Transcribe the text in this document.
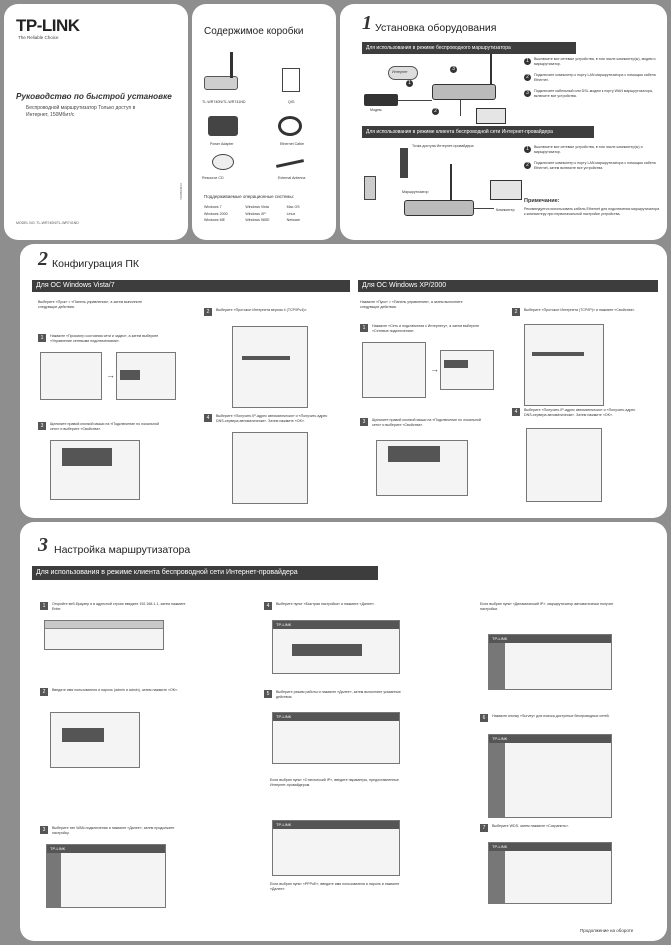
TP-LINK
The Reliable Choice
Руководство по быстрой установке
Беспроводной маршрутизатор Только доступ в Интернет, 150Мбит/с
MODEL NO. TL-WR740N/TL-WR741ND
7106503814
Содержимое коробки
TL-WR740N/TL-WR741ND	QIG
Power Adapter	Ethernet Cable
Resource CD	External Antenna
Поддерживаемые операционные системы:
Windows 7	Windows Vista	Mac OS
Windows 2000	Windows XP	Linux
Windows ME	Windows 98SE	Netware
1 Установка оборудования
Для использования в режиме беспроводного маршрутизатора
Интернет
Модем
1
2
3
1	Выключите все сетевые устройства, в том числе компьютер(ы), модем и маршрутизатор.
2	Подключите компьютер к порту LAN маршрутизатора с помощью кабеля Ethernet.
3	Подключите кабельный или DSL-модем к порту WAN маршрутизатора, включите все устройства.
Для использования в режиме клиента беспроводной сети Интернет-провайдера
Точка доступа Интернет-провайдера
Маршрутизатор
Компьютер
1	Выключите все сетевые устройства, в том числе компьютер(ы) и маршрутизатор.
2	Подключите компьютер к порту LAN маршрутизатора с помощью кабеля Ethernet, затем включите все устройства.
Примечание:
Рекомендуется использовать кабель Ethernet для подключения маршрутизатора к компьютеру при первоначальной настройке устройства.
2 Конфигурация ПК
Для ОС Windows Vista/7	Для ОС Windows XP/2000
Выберите «Пуск» > «Панель управления», а затем выполните следующие действия.
1	Нажмите «Просмотр состояния сети и задач», а затем выберите «Управление сетевыми подключениями».
→
2	Выберите «Протокол Интернета версии 4 (TCP/IPv4)».
3	Щелкните правой кнопкой мыши на «Подключение по локальной сети» и выберите «Свойства».
4	Выберите «Получить IP-адрес автоматически» и «Получить адрес DNS-сервера автоматически». Затем нажмите «OK».
Нажмите «Пуск» > «Панель управления», а затем выполните следующие действия.
1	Нажмите «Сеть и подключения к Интернету», а затем выберите «Сетевые подключения».
→
2	Выберите «Протокол Интернета (TCP/IP)» и нажмите «Свойства».
3	Щелкните правой кнопкой мыши на «Подключение по локальной сети» и выберите «Свойства».
4	Выберите «Получить IP-адрес автоматически» и «Получить адрес DNS-сервера автоматически». Затем нажмите «OK».
3 Настройка маршрутизатора
Для использования в режиме клиента беспроводной сети Интернет-провайдера
1	Откройте веб-браузер и в адресной строке введите 192.168.1.1, затем нажмите Enter.
2	Введите имя пользователя и пароль (admin и admin), затем нажмите «OK».
3	Выберите тип WAN-подключения и нажмите «Далее», затем продолжите настройку.
TP-LINK
4	Выберите пункт «Быстрая настройка» и нажмите «Далее».
TP-LINK
5	Выберите режим работы и нажмите «Далее», затем выполните указанные действия.
TP-LINK
Если выбран пункт «Статический IP», введите параметры, предоставленные Интернет-провайдером.
TP-LINK
Если выбран пункт «PPPoE», введите имя пользователя и пароль и нажмите «Далее».
Если выбран пункт «Динамический IP», маршрутизатор автоматически получит настройки.
TP-LINK
6	Нажмите кнопку «Survey» для поиска доступных беспроводных сетей.
TP-LINK
7	Выберите WDS, затем нажмите «Сохранить».
TP-LINK
Продолжение на обороте
